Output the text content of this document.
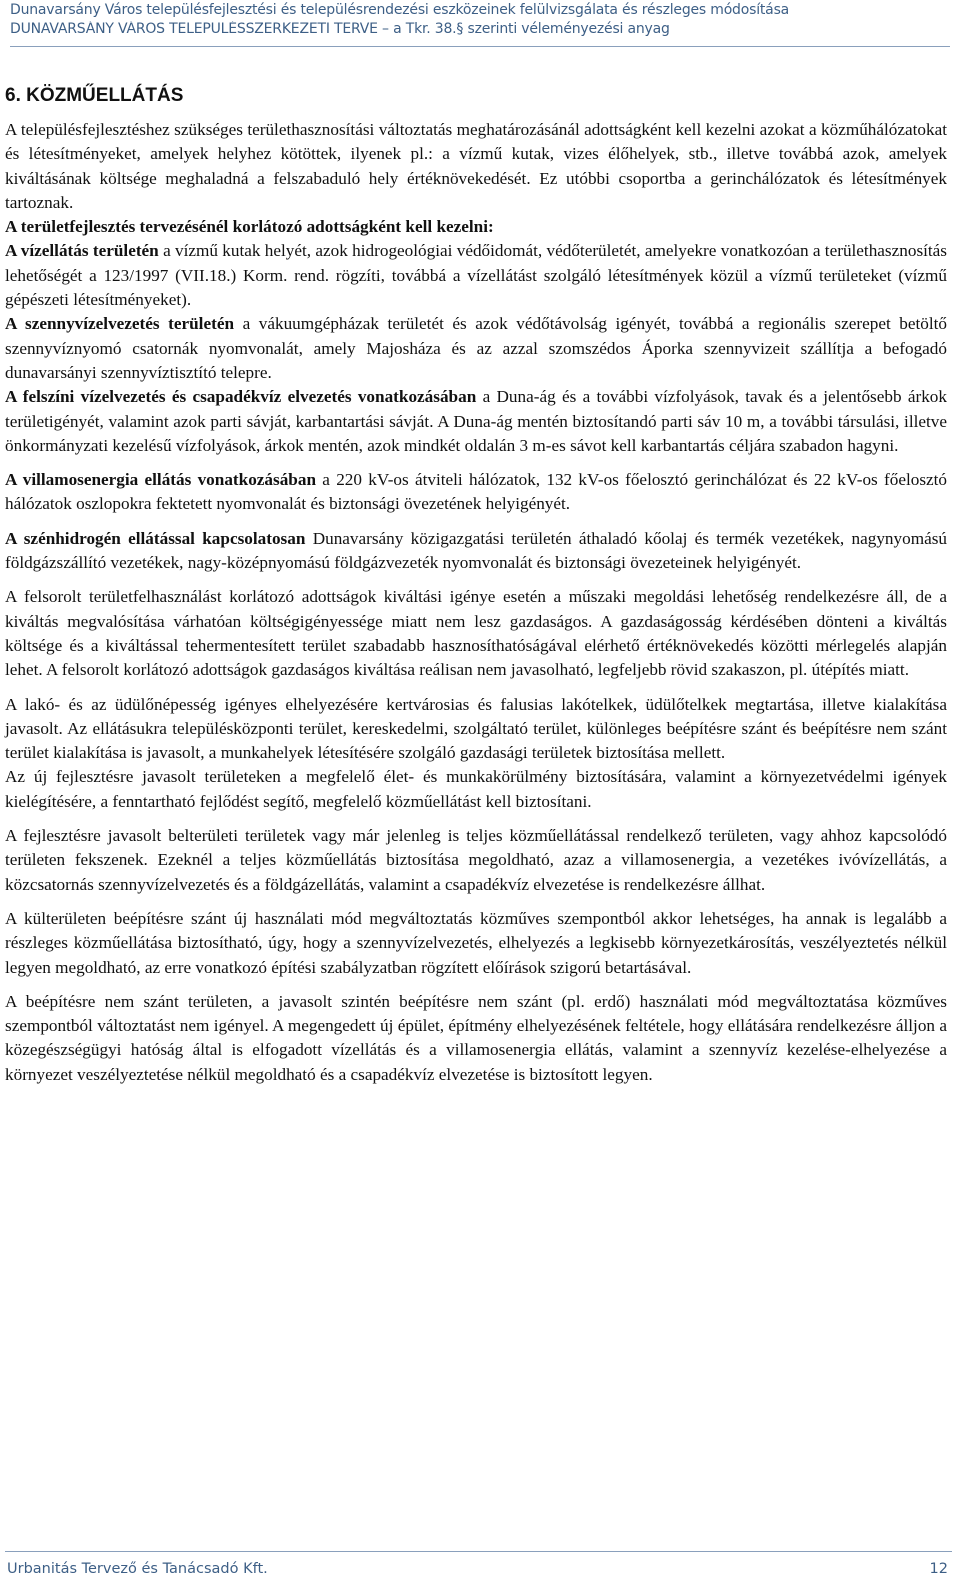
Dunavarsány Város településfejlesztési és településrendezési eszközeinek felülvizsgálata és részleges módosítása
DUNAVARSÁNY VÁROS TELEPÜLÉSSZERKEZETI TERVE – a Tkr. 38.§ szerinti véleményezési anyag
6. KÖZMŰELLÁTÁS

A településfejlesztéshez szükséges területhasznosítási változtatás meghatározásánál adottságként kell kezelni azokat a közműhálózatokat és létesítményeket, amelyek helyhez kötöttek, ilyenek pl.: a vízmű kutak, vizes élőhelyek, stb., illetve továbbá azok, amelyek kiváltásának költsége meghaladná a felszabaduló hely értéknövekedését. Ez utóbbi csoportba a gerinchálózatok és létesítmények tartoznak.

A területfejlesztés tervezésénél korlátozó adottságként kell kezelni:

A vízellátás területén a vízmű kutak helyét, azok hidrogeológiai védőidomát, védőterületét, amelyekre vonatkozóan a területhasznosítás lehetőségét a 123/1997 (VII.18.) Korm. rend. rögzíti, továbbá a vízellátást szolgáló létesítmények közül a vízmű területeket (vízmű gépészeti létesítményeket).

A szennyvízelvezetés területén a vákuumgépházak területét és azok védőtávolság igényét, továbbá a regionális szerepet betöltő szennyvíznyomó csatornák nyomvonalát, amely Majosháza és az azzal szomszédos Áporka szennyvizeit szállítja a befogadó dunavarsányi szennyvíztisztító telepre.

A felszíni vízelvezetés és csapadékvíz elvezetés vonatkozásában a Duna-ág és a további vízfolyások, tavak és a jelentősebb árkok területigényét, valamint azok parti sávját, karbantartási sávját. A Duna-ág mentén biztosítandó parti sáv 10 m, a további társulási, illetve önkormányzati kezelésű vízfolyások, árkok mentén, azok mindkét oldalán 3 m-es sávot kell karbantartás céljára szabadon hagyni.

A villamosenergia ellátás vonatkozásában a 220 kV-os átviteli hálózatok, 132 kV-os főelosztó gerinchálózat és 22 kV-os főelosztó hálózatok oszlopokra fektetett nyomvonalát és biztonsági övezetének helyigényét.

A szénhidrogén ellátással kapcsolatosan Dunavarsány közigazgatási területén áthaladó kőolaj és termék vezetékek, nagynyomású földgázszállító vezetékek, nagy-középnyomású földgázvezeték nyomvonalát és biztonsági övezeteinek helyigényét.

A felsorolt területfelhasználást korlátozó adottságok kiváltási igénye esetén a műszaki megoldási lehetőség rendelkezésre áll, de a kiváltás megvalósítása várhatóan költségigényessége miatt nem lesz gazdaságos. A gazdaságosság kérdésében dönteni a kiváltás költsége és a kiváltással tehermentesített terület szabadabb hasznosíthatóságával elérhető értéknövekedés közötti mérlegelés alapján lehet. A felsorolt korlátozó adottságok gazdaságos kiváltása reálisan nem javasolható, legfeljebb rövid szakaszon, pl. útépítés miatt.

A lakó- és az üdülőnépesség igényes elhelyezésére kertvárosias és falusias lakótelkek, üdülőtelkek megtartása, illetve kialakítása javasolt. Az ellátásukra településközponti terület, kereskedelmi, szolgáltató terület, különleges beépítésre szánt és beépítésre nem szánt terület kialakítása is javasolt, a munkahelyek létesítésére szolgáló gazdasági területek biztosítása mellett.

Az új fejlesztésre javasolt területeken a megfelelő élet- és munkakörülmény biztosítására, valamint a környezetvédelmi igények kielégítésére, a fenntartható fejlődést segítő, megfelelő közműellátást kell biztosítani.

A fejlesztésre javasolt belterületi területek vagy már jelenleg is teljes közműellátással rendelkező területen, vagy ahhoz kapcsolódó területen fekszenek. Ezeknél a teljes közműellátás biztosítása megoldható, azaz a villamosenergia, a vezetékes ivóvízellátás, a közcsatornás szennyvízelvezetés és a földgázellátás, valamint a csapadékvíz elvezetése is rendelkezésre állhat.

A külterületen beépítésre szánt új használati mód megváltoztatás közműves szempontból akkor lehetséges, ha annak is legalább a részleges közműellátása biztosítható, úgy, hogy a szennyvízelvezetés, elhelyezés a legkisebb környezetkárosítás, veszélyeztetés nélkül legyen megoldható, az erre vonatkozó építési szabályzatban rögzített előírások szigorú betartásával.

A beépítésre nem szánt területen, a javasolt szintén beépítésre nem szánt (pl. erdő) használati mód megváltoztatása közműves szempontból változtatást nem igényel. A megengedett új épület, építmény elhelyezésének feltétele, hogy ellátására rendelkezésre álljon a közegészségügyi hatóság által is elfogadott vízellátás és a villamosenergia ellátás, valamint a szennyvíz kezelése-elhelyezése a környezet veszélyeztetése nélkül megoldható és a csapadékvíz elvezetése is biztosított legyen.

Urbanitás Tervező és Tanácsadó Kft.	12
